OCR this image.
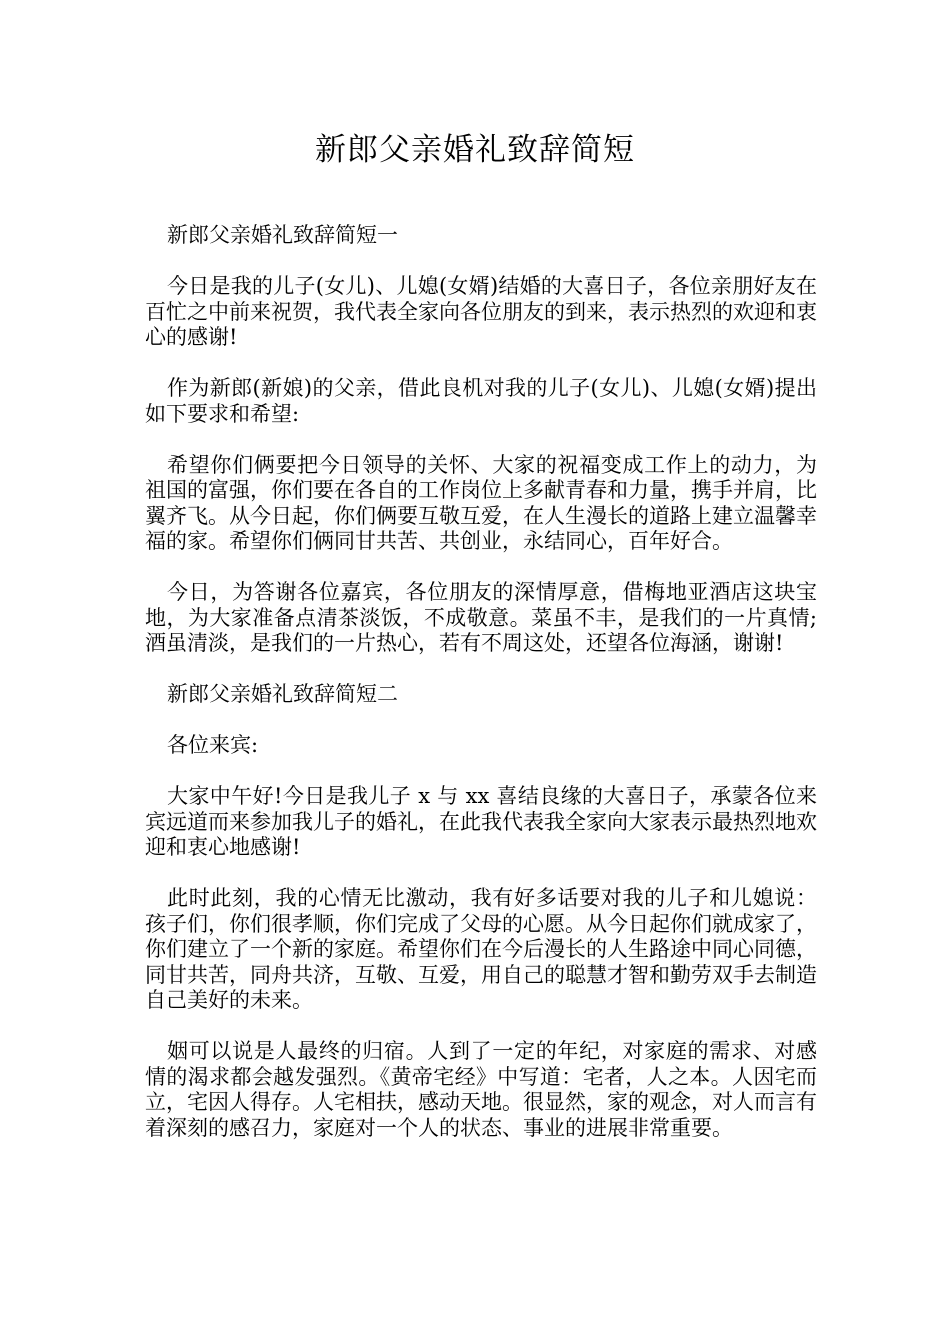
新郎父亲婚礼致辞简短

新郎父亲婚礼致辞简短一

今日是我的儿子(女儿)、儿媳(女婿)结婚的大喜日子，各位亲朋好友在百忙之中前来祝贺，我代表全家向各位朋友的到来，表示热烈的欢迎和衷心的感谢!

作为新郎(新娘)的父亲，借此良机对我的儿子(女儿)、儿媳(女婿)提出如下要求和希望:

希望你们俩要把今日领导的关怀、大家的祝福变成工作上的动力，为祖国的富强，你们要在各自的工作岗位上多献青春和力量，携手并肩，比翼齐飞。从今日起，你们俩要互敬互爱，在人生漫长的道路上建立温馨幸福的家。希望你们俩同甘共苦、共创业，永结同心，百年好合。

今日，为答谢各位嘉宾，各位朋友的深情厚意，借梅地亚酒店这块宝地，为大家准备点清茶淡饭，不成敬意。菜虽不丰，是我们的一片真情;酒虽清淡，是我们的一片热心，若有不周这处，还望各位海涵，谢谢!

新郎父亲婚礼致辞简短二

各位来宾:

大家中午好!今日是我儿子 x 与 xx 喜结良缘的大喜日子，承蒙各位来宾远道而来参加我儿子的婚礼，在此我代表我全家向大家表示最热烈地欢迎和衷心地感谢!

此时此刻，我的心情无比激动，我有好多话要对我的儿子和儿媳说：孩子们，你们很孝顺，你们完成了父母的心愿。从今日起你们就成家了，你们建立了一个新的家庭。希望你们在今后漫长的人生路途中同心同德，同甘共苦，同舟共济，互敬、互爱，用自己的聪慧才智和勤劳双手去制造自己美好的未来。

姻可以说是人最终的归宿。人到了一定的年纪，对家庭的需求、对感情的渴求都会越发强烈。《黄帝宅经》中写道：宅者，人之本。人因宅而立，宅因人得存。人宅相扶，感动天地。很显然，家的观念，对人而言有着深刻的感召力，家庭对一个人的状态、事业的进展非常重要。
